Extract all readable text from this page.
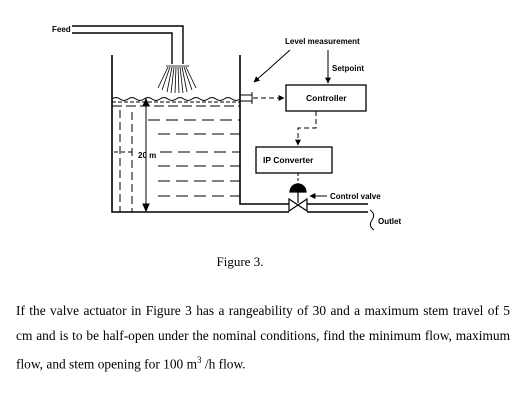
Feed
20 m
Level measurement
Setpoint
Controller
IP Converter
Control valve
Outlet
Figure 3.

If the valve actuator in Figure 3 has a rangeability of 30 and a maximum stem travel of 5 cm and is to be half-open under the nominal conditions, find the minimum flow, maximum flow, and stem opening for 100 $m^3$ /h flow.
